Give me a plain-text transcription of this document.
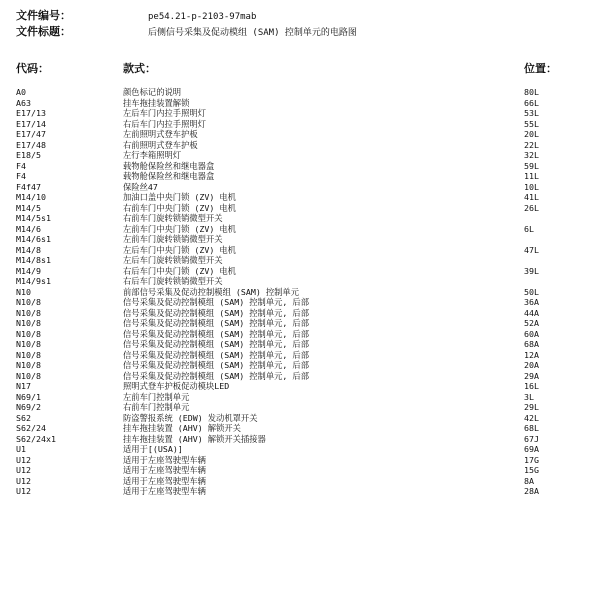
文件编号：	pe54.21-p-2103-97mab
文件标题：	后侧信号采集及促动模组 (SAM) 控制单元的电路图
代码：	款式：	位置：
A0	颜色标记的说明	80L
A63	挂车拖挂装置解锁	66L
E17/13	左后车门内拉手照明灯	53L
E17/14	右后车门内拉手照明灯	55L
E17/47	左前照明式登车护板	20L
E17/48	右前照明式登车护板	22L
E18/5	左行李箱照明灯	32L
F4	载物舱保险丝和继电器盒	59L
F4	载物舱保险丝和继电器盒	11L
F4f47	保险丝47	10L
M14/10	加油口盖中央门锁 (ZV) 电机	41L
M14/5	右前车门中央门锁 (ZV) 电机	26L
M14/5s1	右前车门旋转锁销微型开关
M14/6	左前车门中央门锁 (ZV) 电机	6L
M14/6s1	左前车门旋转锁销微型开关
M14/8	左后车门中央门锁 (ZV) 电机	47L
M14/8s1	左后车门旋转锁销微型开关
M14/9	右后车门中央门锁 (ZV) 电机	39L
M14/9s1	右后车门旋转锁销微型开关
N10	前部信号采集及促动控制模组 (SAM) 控制单元	50L
N10/8	信号采集及促动控制模组 (SAM) 控制单元, 后部	36A
N10/8	信号采集及促动控制模组 (SAM) 控制单元, 后部	44A
N10/8	信号采集及促动控制模组 (SAM) 控制单元, 后部	52A
N10/8	信号采集及促动控制模组 (SAM) 控制单元, 后部	60A
N10/8	信号采集及促动控制模组 (SAM) 控制单元, 后部	68A
N10/8	信号采集及促动控制模组 (SAM) 控制单元, 后部	12A
N10/8	信号采集及促动控制模组 (SAM) 控制单元, 后部	20A
N10/8	信号采集及促动控制模组 (SAM) 控制单元, 后部	29A
N17	照明式登车护板促动模块LED	16L
N69/1	左前车门控制单元	3L
N69/2	右前车门控制单元	29L
S62	防盗警报系统 (EDW) 发动机罩开关	42L
S62/24	挂车拖挂装置 (AHV) 解锁开关	68L
S62/24x1	挂车拖挂装置 (AHV) 解锁开关插接器	67J
U1	适用于[(USA)]	69A
U12	适用于左座驾驶型车辆	17G
U12	适用于左座驾驶型车辆	15G
U12	适用于左座驾驶型车辆	8A
U12	适用于左座驾驶型车辆	28A
